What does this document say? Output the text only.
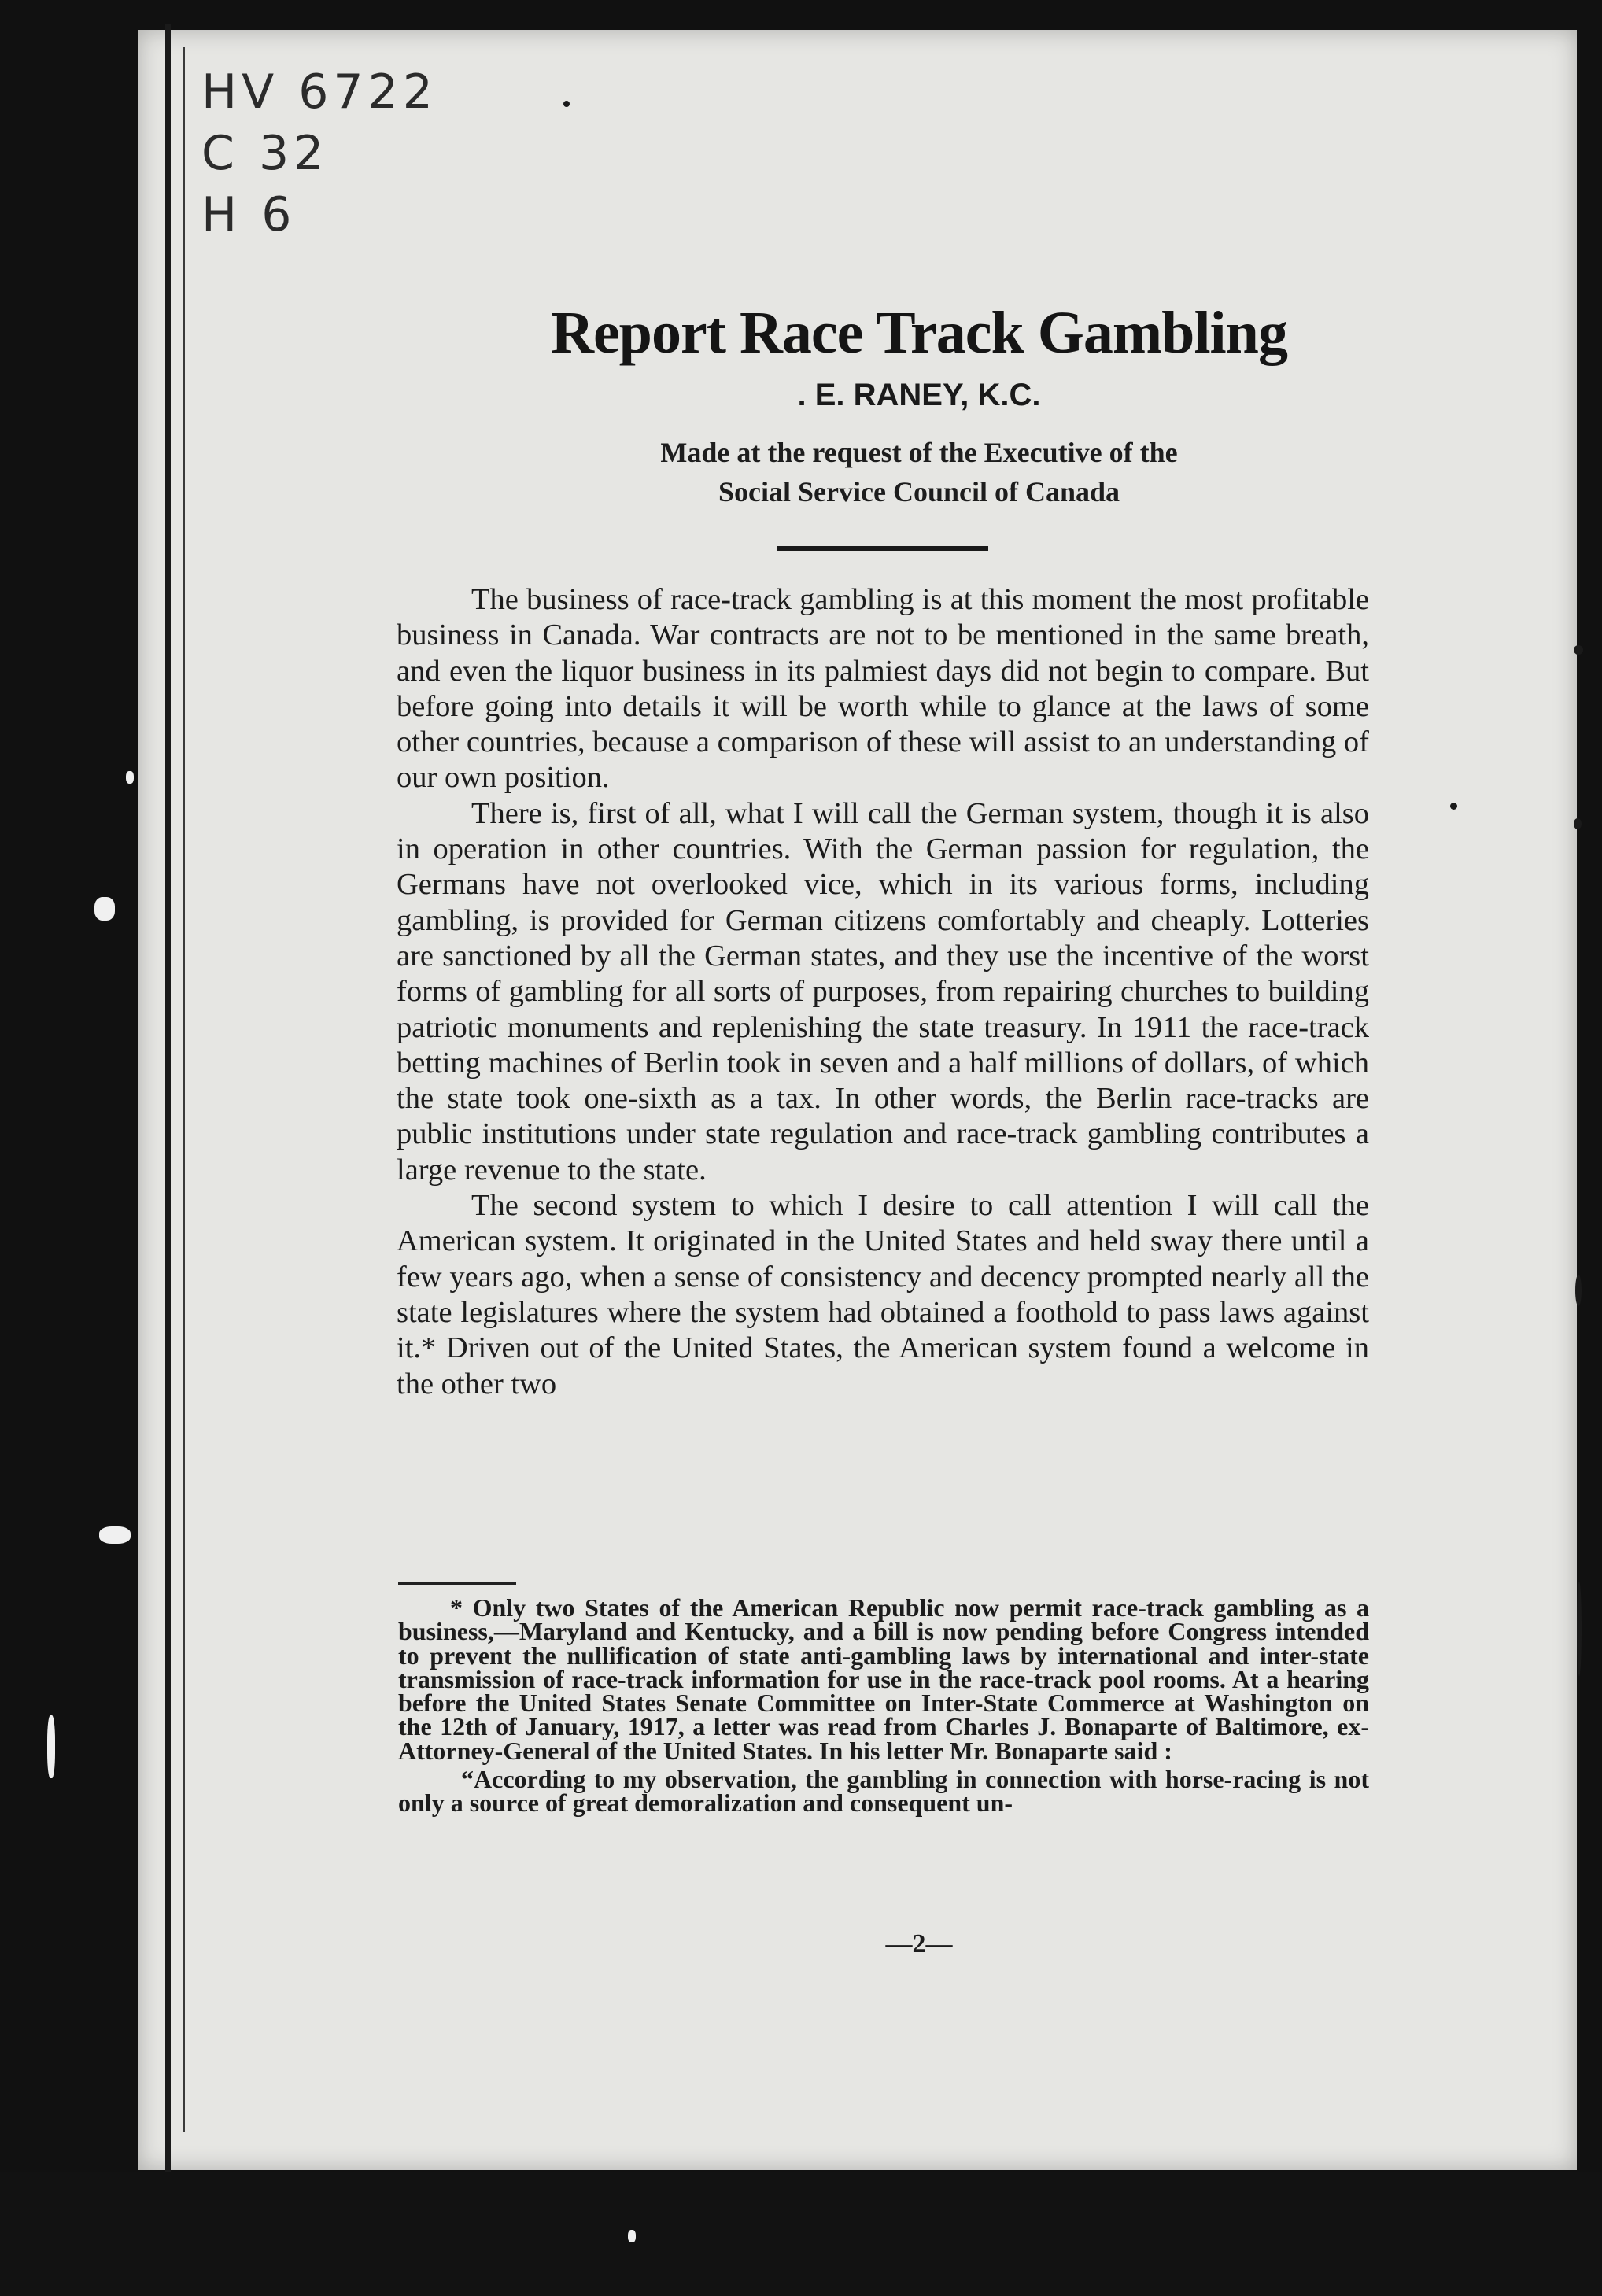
HV 6722
C 32
H 6
Report Race Track Gambling
. E. RANEY, K.C.
Made at the request of the Executive of the
Social Service Council of Canada

The business of race-track gambling is at this moment the most profitable business in Canada. War contracts are not to be mentioned in the same breath, and even the liquor business in its palmiest days did not begin to compare. But before going into details it will be worth while to glance at the laws of some other countries, because a comparison of these will assist to an understanding of our own position.

There is, first of all, what I will call the German system, though it is also in operation in other countries. With the German passion for regulation, the Germans have not overlooked vice, which in its various forms, including gambling, is provided for German citizens comfortably and cheaply. Lotteries are sanctioned by all the German states, and they use the incentive of the worst forms of gambling for all sorts of purposes, from repairing churches to building patriotic monuments and replenishing the state treasury. In 1911 the race-track betting machines of Berlin took in seven and a half millions of dollars, of which the state took one-sixth as a tax. In other words, the Berlin race-tracks are public institutions under state regulation and race-track gambling contributes a large revenue to the state.

The second system to which I desire to call attention I will call the American system. It originated in the United States and held sway there until a few years ago, when a sense of consistency and decency prompted nearly all the state legislatures where the system had obtained a foothold to pass laws against it.* Driven out of the United States, the American system found a welcome in the other two

* Only two States of the American Republic now permit race-track gambling as a business,—Maryland and Kentucky, and a bill is now pending before Congress intended to prevent the nullification of state anti-gambling laws by international and inter-state transmission of race-track information for use in the race-track pool rooms. At a hearing before the United States Senate Committee on Inter-State Commerce at Washington on the 12th of January, 1917, a letter was read from Charles J. Bonaparte of Baltimore, ex-Attorney-General of the United States. In his letter Mr. Bonaparte said :

“According to my observation, the gambling in connection with horse-racing is not only a source of great demoralization and consequent un-

—2—
